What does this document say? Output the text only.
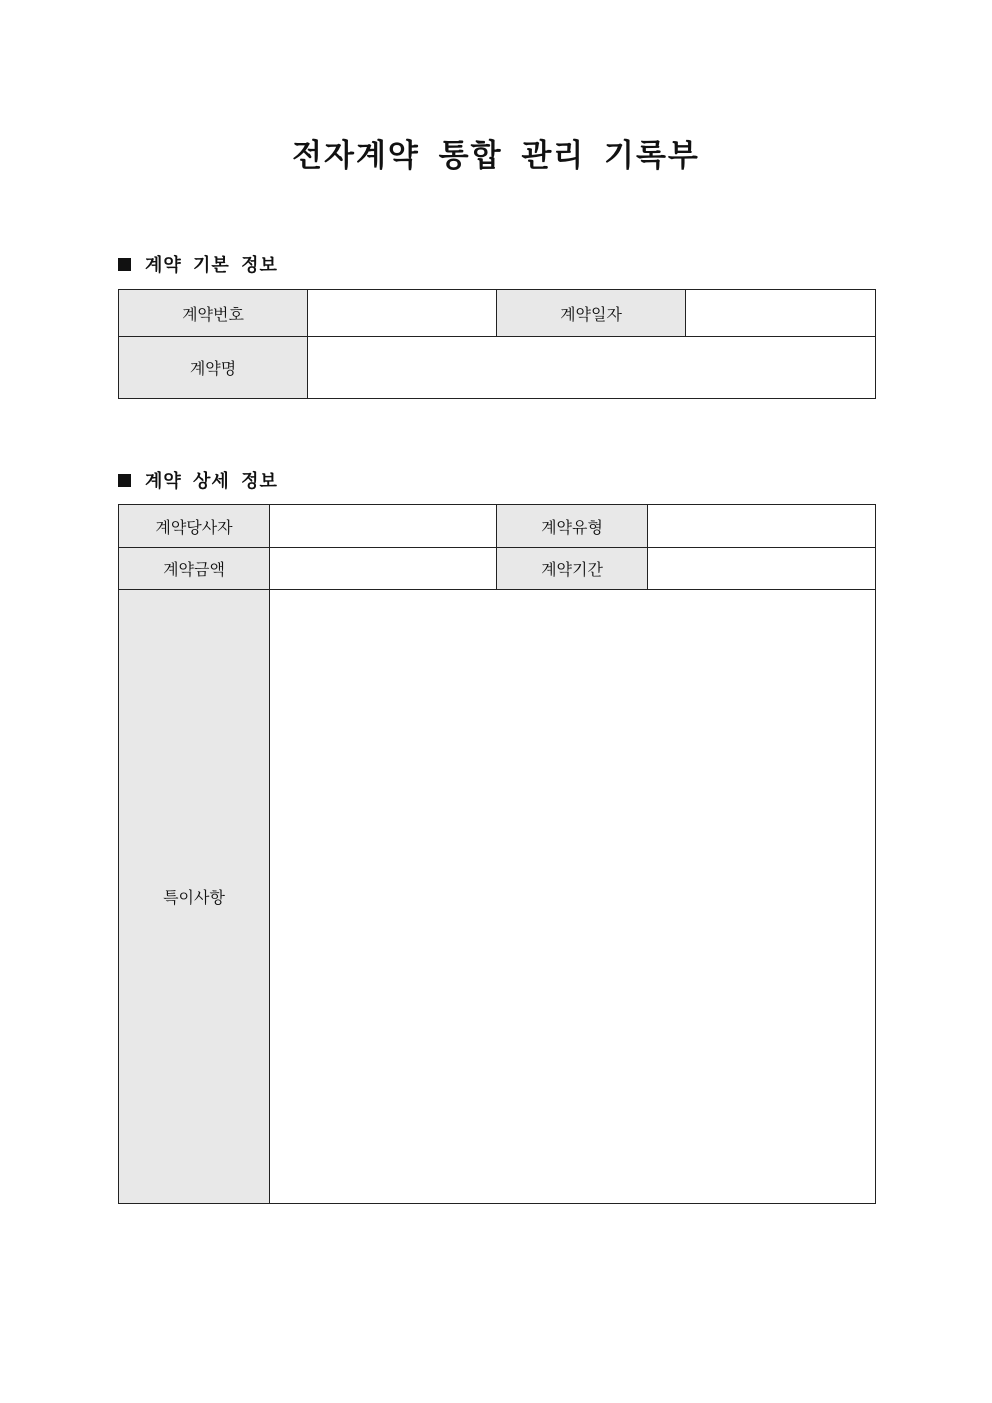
전자계약 통합 관리 기록부
계약 기본 정보
계약번호		계약일자	
계약명			
계약 상세 정보
계약당사자		계약유형	
계약금액		계약기간	
특이사항			
